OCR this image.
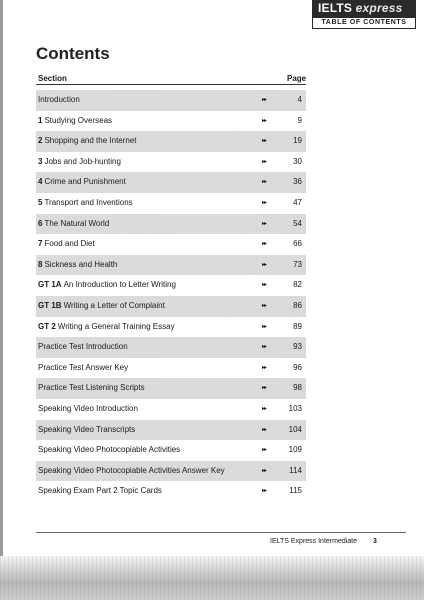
IELTS express
TABLE OF CONTENTS
Contents
Section	Page
Introduction	▸▸	4
1 Studying Overseas	▸▸	9
2 Shopping and the Internet	▸▸	19
3 Jobs and Job-hunting	▸▸	30
4 Crime and Punishment	▸▸	36
5 Transport and Inventions	▸▸	47
6 The Natural World	▸▸	54
7 Food and Diet	▸▸	66
8 Sickness and Health	▸▸	73
GT 1A An Introduction to Letter Writing	▸▸	82
GT 1B Writing a Letter of Complaint	▸▸	86
GT 2 Writing a General Training Essay	▸▸	89
Practice Test Introduction	▸▸	93
Practice Test Answer Key	▸▸	96
Practice Test Listening Scripts	▸▸	98
Speaking Video Introduction	▸▸	103
Speaking Video Transcripts	▸▸	104
Speaking Video Photocopiable Activities	▸▸	109
Speaking Video Photocopiable Activities Answer Key	▸▸	114
Speaking Exam Part 2 Topic Cards	▸▸	115
IELTS Express Intermediate 3
